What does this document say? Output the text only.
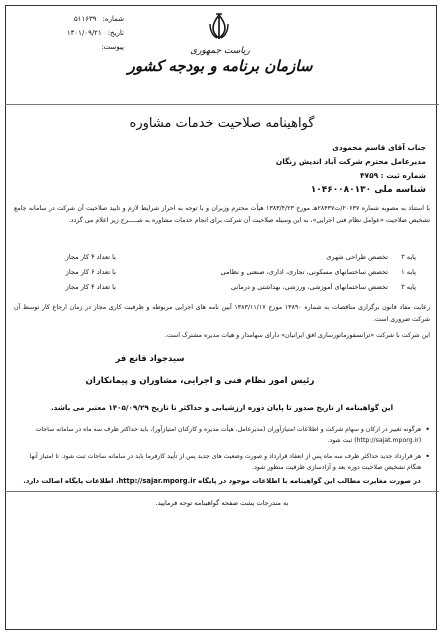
شماره:
۵۱۱۶۳۹
تاریخ:
۱۴۰۱/۰۹/۲۱
پیوست:	ریاست جمهوری
سازمان برنامه و بودجه کشور
گواهینامه صلاحیت خدمات مشاوره
جناب آقای قاسم محمودی
مدیرعامل محترم شرکت آباد اندیش زنگان
شماره ثبت : ۴۷۵۹
شناسه ملی ۱۰۴۶۰۰۸۰۱۳۰
با استناد به مصوبه شماره ۲۰۶۳۷/ت۲۸۴۳۷هـ مورخ ۱۳۸۳/۴/۲۳ هیأت محترم وزیران و با توجه به احراز شرایط لازم و تایید صلاحیت آن شرکت در سامانه جامع تشخیص صلاحیت «عوامل نظام فنی اجرایی»، به این وسیله صلاحیت آن شرکت برای انجام خدمات مشاوره به شـــــرح زیر اعلام می گردد.
پایه ۳
تخصص طراحی شهری
با تعداد ۴ کار مجاز
پایه ۱
تخصص ساختمانهای مسکونی، تجاری، اداری، صنعتی و نظامی
با تعداد ۶ کار مجاز
پایه ۳
تخصص ساختمانهای آموزشی، ورزشی، بهداشتی و درمانی
با تعداد ۴ کار مجاز
رعایت مفاد قانون برگزاری مناقصات به شماره ۱۳۸۹۰ مورخ ۱۳۸۳/۱۱/۱۷ آیین نامه های اجرایی مربوطه و ظرفیت کاری مجاز در زمان ارجاع کار توسط آن شرکت ضروری است.
این شرکت با شرکت «ترانسفورماتورسازی افق ایرانیان» دارای سهامدار و هیات مدیره مشترک است.
سیدجواد قانع فر
رئیس امور نظام فنی و اجرایی، مشاوران و پیمانکاران
این گواهینامه از تاریخ صدور تا پایان دوره ارزشیابی و حداکثر تا تاریخ ۱۴۰۵/۰۹/۲۹ معتبر می باشد.
•
هرگونه تغییر در ارکان و سهام شرکت و اطلاعات امتیازآوران (مدیرعامل، هیأت مدیره و کارکنان امتیازآور)، باید حداکثر ظرف سه ماه در سامانه ساجات (http://sajat.mporg.ir) ثبت شود.
•
هر قرارداد جدید حداکثر ظرف سه ماه پس از انعقاد قرارداد و صورت وضعیت های جدید پس از تأیید کارفرما باید در سامانه ساجات ثبت شود. تا امتیاز آنها هنگام تشخیص صلاحیت دوره بعد و آزادسازی ظرفیت منظور شود.
در صورت مغایرت مطالب این گواهینامه با اطلاعات موجود در پایگاه http://sajar.mporg.ir، اطلاعات پایگاه اصالت دارد.
به مندرجات پشت صفحه گواهینامه توجه فرمایید.
